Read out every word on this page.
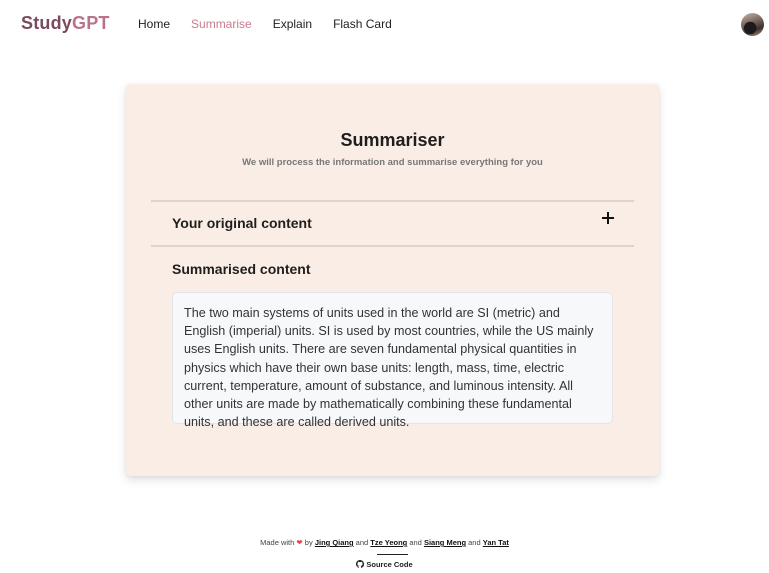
StudyGPT Home Summarise Explain Flash Card
Summariser
We will process the information and summarise everything for you
Your original content
Summarised content
The two main systems of units used in the world are SI (metric) and English (imperial) units. SI is used by most countries, while the US mainly uses English units. There are seven fundamental physical quantities in physics which have their own base units: length, mass, time, electric current, temperature, amount of substance, and luminous intensity. All other units are made by mathematically combining these fundamental units, and these are called derived units.
Made with ❤ by Jing Qiang and Tze Yeong and Siang Meng and Yan Tat
Source Code
